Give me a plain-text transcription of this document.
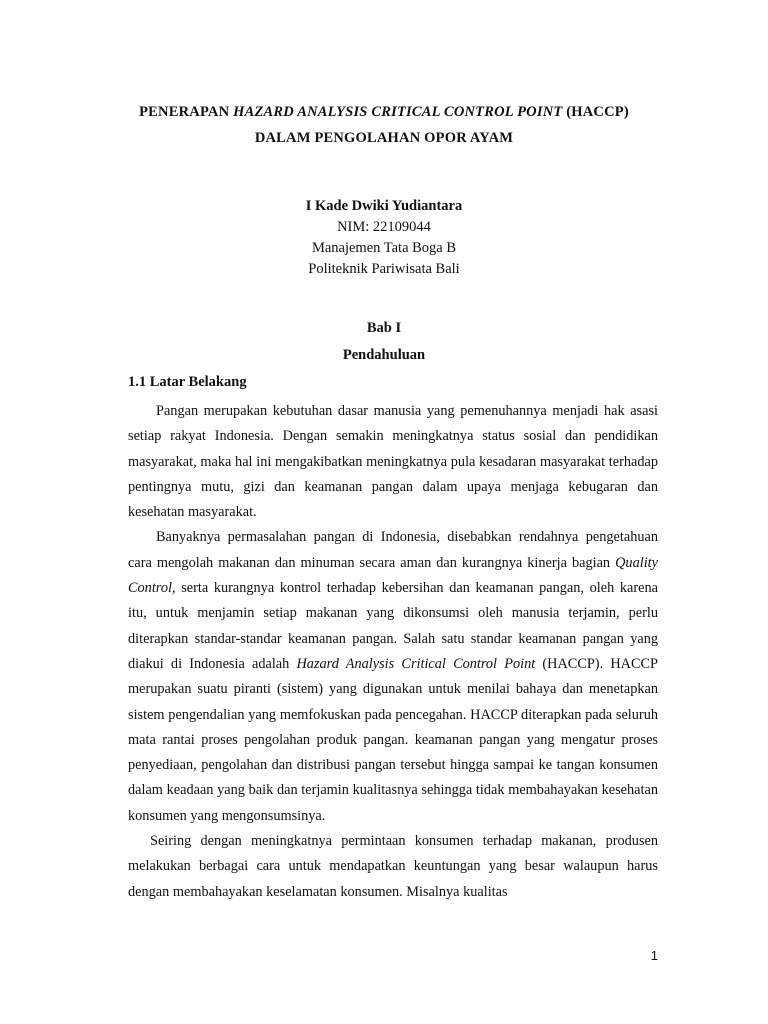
PENERAPAN HAZARD ANALYSIS CRITICAL CONTROL POINT (HACCP)
DALAM PENGOLAHAN OPOR AYAM
I Kade Dwiki Yudiantara
NIM: 22109044
Manajemen Tata Boga B
Politeknik Pariwisata Bali
Bab I
Pendahuluan
1.1 Latar Belakang

Pangan merupakan kebutuhan dasar manusia yang pemenuhannya menjadi hak asasi setiap rakyat Indonesia. Dengan semakin meningkatnya status sosial dan pendidikan masyarakat, maka hal ini mengakibatkan meningkatnya pula kesadaran masyarakat terhadap pentingnya mutu, gizi dan keamanan pangan dalam upaya menjaga kebugaran dan kesehatan masyarakat.

Banyaknya permasalahan pangan di Indonesia, disebabkan rendahnya pengetahuan cara mengolah makanan dan minuman secara aman dan kurangnya kinerja bagian Quality Control, serta kurangnya kontrol terhadap kebersihan dan keamanan pangan, oleh karena itu, untuk menjamin setiap makanan yang dikonsumsi oleh manusia terjamin, perlu diterapkan standar-standar keamanan pangan. Salah satu standar keamanan pangan yang diakui di Indonesia adalah Hazard Analysis Critical Control Point (HACCP). HACCP merupakan suatu piranti (sistem) yang digunakan untuk menilai bahaya dan menetapkan sistem pengendalian yang memfokuskan pada pencegahan. HACCP diterapkan pada seluruh mata rantai proses pengolahan produk pangan. keamanan pangan yang mengatur proses penyediaan, pengolahan dan distribusi pangan tersebut hingga sampai ke tangan konsumen dalam keadaan yang baik dan terjamin kualitasnya sehingga tidak membahayakan kesehatan konsumen yang mengonsumsinya.

Seiring dengan meningkatnya permintaan konsumen terhadap makanan, produsen melakukan berbagai cara untuk mendapatkan keuntungan yang besar walaupun harus dengan membahayakan keselamatan konsumen. Misalnya kualitas

1
